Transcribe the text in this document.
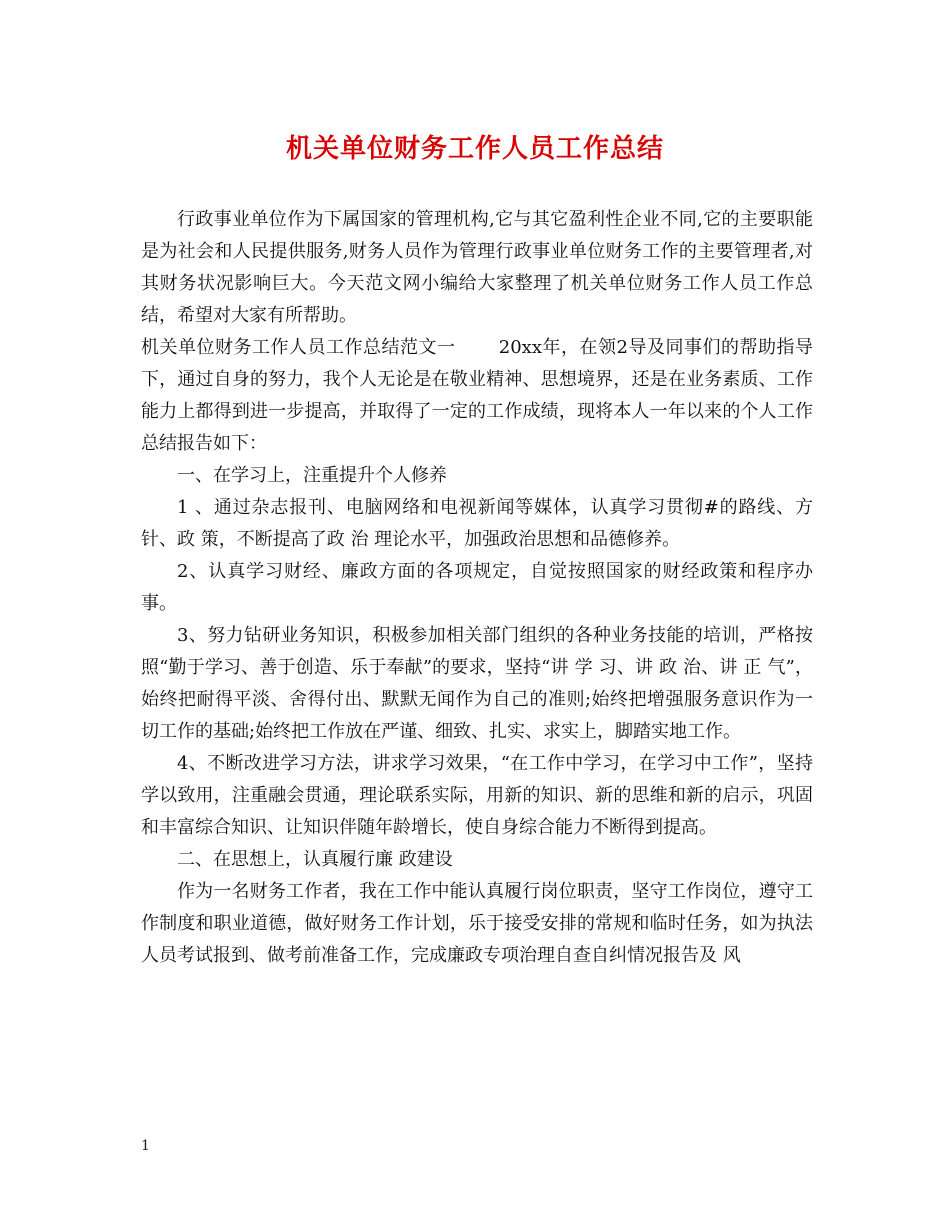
机关单位财务工作人员工作总结

行政事业单位作为下属国家的管理机构,它与其它盈利性企业不同,它的主要职能是为社会和人民提供服务,财务人员作为管理行政事业单位财务工作的主要管理者,对其财务状况影响巨大。今天范文网小编给大家整理了机关单位财务工作人员工作总结，希望对大家有所帮助。

机关单位财务工作人员工作总结范文一　　 20xx年，在领2导及同事们的帮助指导下，通过自身的努力，我个人无论是在敬业精神、思想境界，还是在业务素质、工作能力上都得到进一步提高，并取得了一定的工作成绩，现将本人一年以来的个人工作总结报告如下：

一、在学习上，注重提升个人修养

1 、通过杂志报刊、电脑网络和电视新闻等媒体，认真学习贯彻#的路线、方针、政 策，不断提高了政 治 理论水平，加强政治思想和品德修养。

2、认真学习财经、廉政方面的各项规定，自觉按照国家的财经政策和程序办事。

3、努力钻研业务知识，积极参加相关部门组织的各种业务技能的培训，严格按照“勤于学习、善于创造、乐于奉献”的要求，坚持“讲 学 习、讲 政 治、讲 正 气”，始终把耐得平淡、舍得付出、默默无闻作为自己的准则;始终把增强服务意识作为一切工作的基础;始终把工作放在严谨、细致、扎实、求实上，脚踏实地工作。

4、不断改进学习方法，讲求学习效果，“在工作中学习，在学习中工作”，坚持学以致用，注重融会贯通，理论联系实际，用新的知识、新的思维和新的启示，巩固和丰富综合知识、让知识伴随年龄增长，使自身综合能力不断得到提高。

二、在思想上，认真履行廉 政建设

作为一名财务工作者，我在工作中能认真履行岗位职责，坚守工作岗位，遵守工作制度和职业道德，做好财务工作计划，乐于接受安排的常规和临时任务，如为执法人员考试报到、做考前准备工作，完成廉政专项治理自查自纠情况报告及 风

1
